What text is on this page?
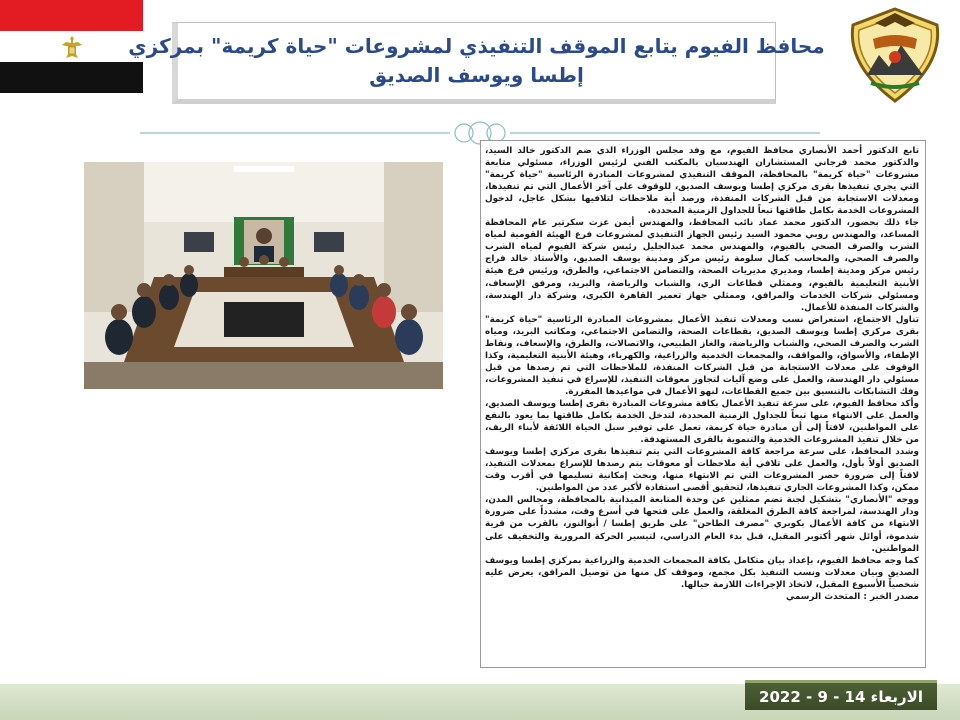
محافظ الفيوم يتابع الموقف التنفيذي لمشروعات "حياة كريمة" بمركزي
إطسا ويوسف الصديق

تابع الدكتور أحمد الأنصاري محافظ الفيوم، مع وفد مجلس الوزراء الذي ضم الدكتور خالد السيد، والدكتور محمد فرجاني المستشاران الهندسيان بالمكتب الفني لرئيس الوزراء، مسئولي متابعة مشروعات "حياة كريمة" بالمحافظة، الموقف التنفيذي لمشروعات المبادرة الرئاسية "حياة كريمة" التي يجري تنفيذها بقرى مركزي إطسا ويوسف الصديق، للوقوف على آخر الأعمال التي تم تنفيذها، ومعدلات الاستجابة من قبل الشركات المنفذة، ورصد أية ملاحظات لتلافيها بشكل عاجل، لدخول المشروعات الخدمة بكامل طاقتها تبعاً للجداول الزمنية المحددة.

جاء ذلك بحضور، الدكتور محمد عماد نائب المحافظ، والمهندس أيمن عزت سكرتير عام المحافظة المساعد، والمهندس روبي محمود السيد رئيس الجهاز التنفيذي لمشروعات فرع الهيئة القومية لمياه الشرب والصرف الصحي بالفيوم، والمهندس محمد عبدالجليل رئيس شركة الفيوم لمياه الشرب والصرف الصحي، والمحاسب كمال سلومة رئيس مركز ومدينة يوسف الصديق، والأستاذ خالد فراج رئيس مركز ومدينة إطسا، ومديري مديريات الصحة، والتضامن الاجتماعي، والطرق، ورئيس فرع هيئة الأبنية التعليمية بالفيوم، وممثلي قطاعات الري، والشباب والرياضة، والبريد، ومرفق الإسعاف، ومسئولي شركات الخدمات والمرافق، وممثلي جهاز تعمير القاهرة الكبرى، وشركة دار الهندسة، والشركات المنفذة للأعمال.

تناول الاجتماع، استعراض نسب ومعدلات تنفيذ الأعمال بمشروعات المبادرة الرئاسية "حياة كريمة" بقرى مركزي إطسا ويوسف الصديق، بقطاعات الصحة، والتضامن الاجتماعي، ومكاتب البريد، ومياه الشرب والصرف الصحي، والشباب والرياضة، والغاز الطبيعي، والاتصالات، والطرق، والإسعاف، ونقاط الإطفاء، والأسواق، والمواقف، والمجمعات الخدمية والزراعية، والكهرباء، وهيئة الأبنية التعليمية، وكذا الوقوف على معدلات الاستجابة من قبل الشركات المنفذة، للملاحظات التي تم رصدها من قبل مسئولي دار الهندسة، والعمل على وضع آليات لتجاوز معوقات التنفيذ، للإسراع في تنفيذ المشروعات، وفك التشابكات بالتنسيق بين جميع القطاعات، لنهو الأعمال في مواعيدها المقررة.

وأكد محافظ الفيوم، على سرعة تنفيذ الأعمال بكافة مشروعات المبادرة بقرى إطسا ويوسف الصديق، والعمل على الانتهاء منها تبعاً للجداول الزمنية المحددة، لتدخل الخدمة بكامل طاقتها بما يعود بالنفع على المواطنين، لافتاً إلى أن مبادرة حياة كريمة، تعمل على توفير سبل الحياة اللائقة لأبناء الريف، من خلال تنفيذ المشروعات الخدمية والتنموية بالقرى المستهدفة.

وشدد المحافظ، على سرعة مراجعة كافة المشروعات التي يتم تنفيذها بقرى مركزي إطسا ويوسف الصديق أولاً بأول، والعمل على تلافي أية ملاحظات أو معوقات يتم رصدها للإسراع بمعدلات التنفيذ، لافتاً إلى ضرورة حصر المشروعات التي تم الانتهاء منها، وبحث إمكانية تسليمها في أقرب وقت ممكن، وكذا المشروعات الجاري تنفيذها، لتحقيق أقصى استفادة لأكبر عدد من المواطنين.

ووجه "الأنصاري" بتشكيل لجنة تضم ممثلين عن وحدة المتابعة الميدانية بالمحافظة، ومجالس المدن، ودار الهندسة، لمراجعة كافة الطرق المغلقة، والعمل على فتحها في أسرع وقت، مشدداً على ضرورة الانتهاء من كافة الأعمال بكوبري "مصرف الطاحن" على طريق إطسا / أبوالنور، بالقرب من قرية شدموة، أوائل شهر أكتوبر المقبل، قبل بدء العام الدراسي، لتيسير الحركة المرورية والتخفيف على المواطنين.

كما وجه محافظ الفيوم، بإعداد بيان متكامل بكافة المجمعات الخدمية والزراعية بمركزي إطسا ويوسف الصديق وبيان معدلات ونسب التنفيذ بكل مجمع، وموقف كل منها من توصيل المرافق، يعرض عليه شخصياً الأسبوع المقبل، لاتخاذ الإجراءات اللازمة حيالها.

مصدر الخبر : المتحدث الرسمي

الاربعاء 14 - 9 - 2022
